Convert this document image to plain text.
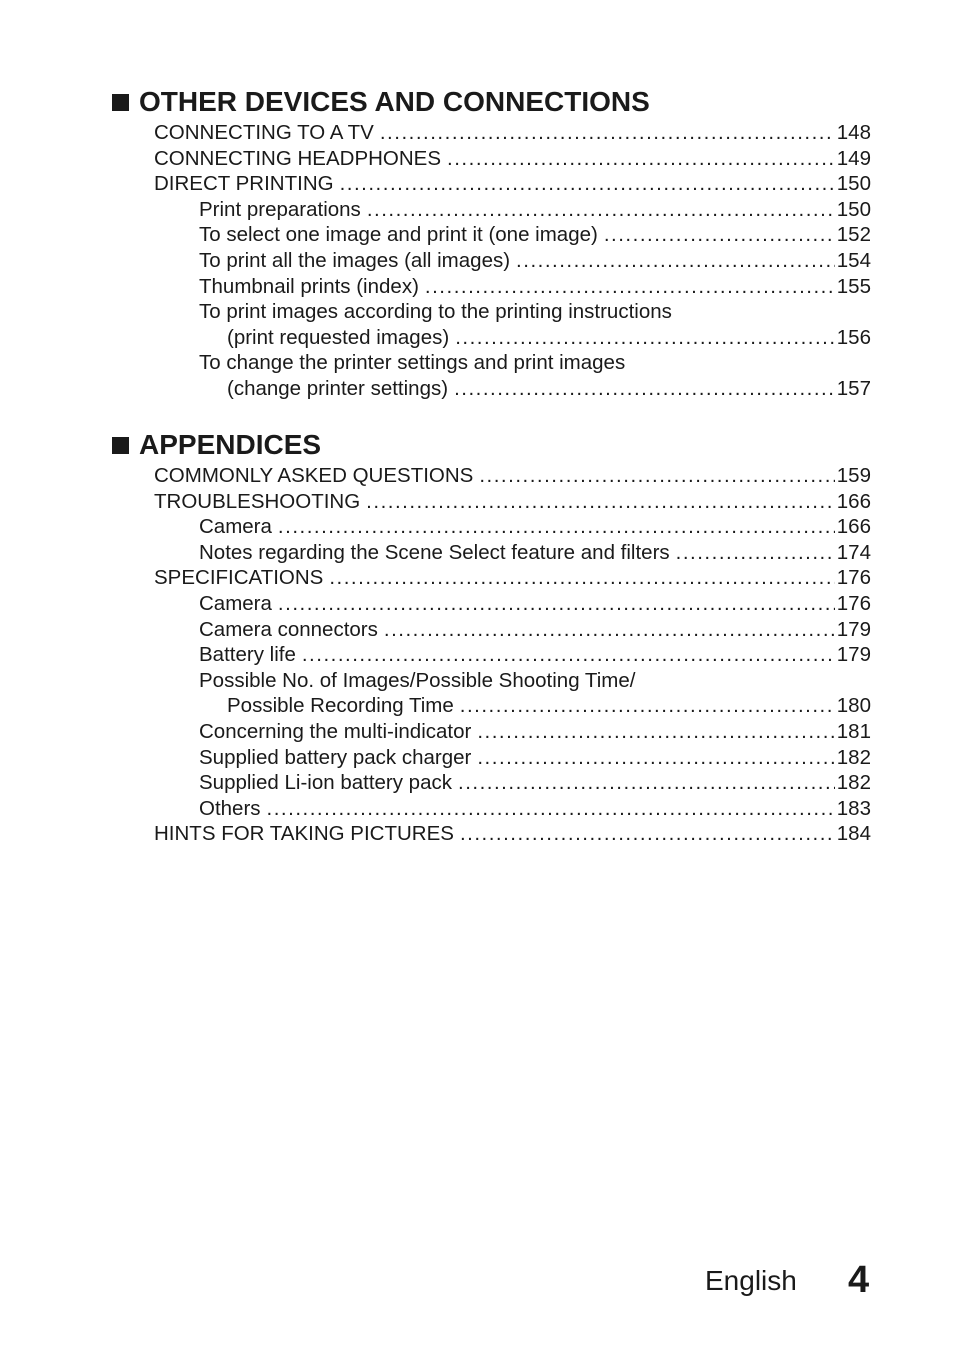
OTHER DEVICES AND CONNECTIONS
CONNECTING TO A TV .....	148
CONNECTING HEADPHONES .....	149
DIRECT PRINTING .....	150
Print preparations .....	150
To select one image and print it (one image) .....	152
To print all the images (all images) .....	154
Thumbnail prints (index) .....	155
To print images according to the printing instructions
(print requested images) .....	156
To change the printer settings and print images
(change printer settings) .....	157
APPENDICES
COMMONLY ASKED QUESTIONS .....	159
TROUBLESHOOTING .....	166
Camera .....	166
Notes regarding the Scene Select feature and filters .....	174
SPECIFICATIONS .....	176
Camera .....	176
Camera connectors .....	179
Battery life .....	179
Possible No. of Images/Possible Shooting Time/
Possible Recording Time .....	180
Concerning the multi-indicator .....	181
Supplied battery pack charger .....	182
Supplied Li-ion battery pack .....	182
Others .....	183
HINTS FOR TAKING PICTURES .....	184
English 4
